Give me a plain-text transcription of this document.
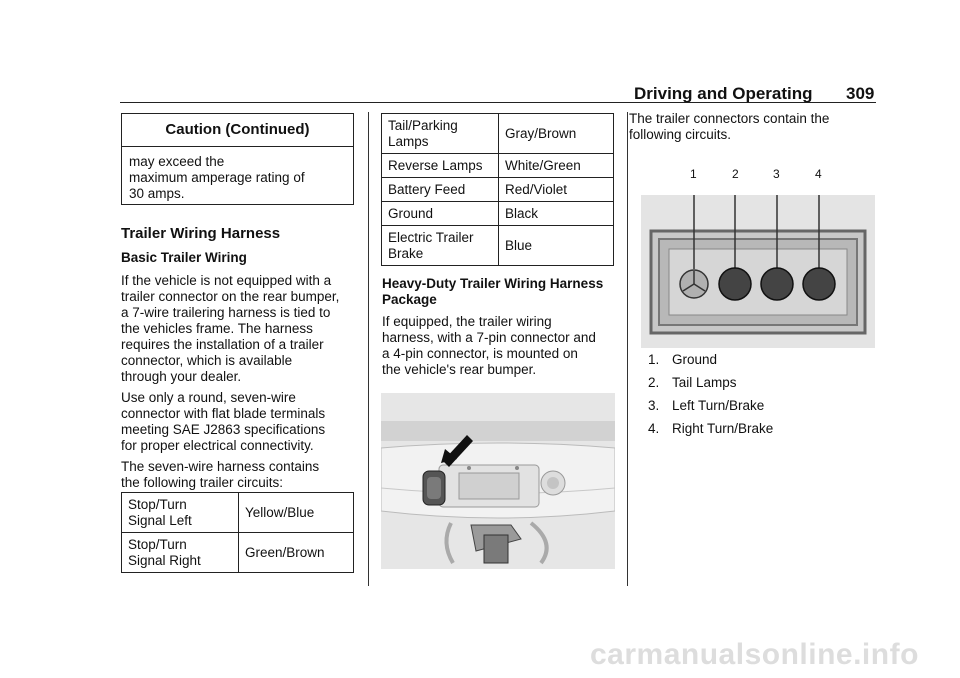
Driving and Operating 309
Caution (Continued)
may exceed the
maximum amperage rating of
30 amps.
Trailer Wiring Harness
Basic Trailer Wiring
If the vehicle is not equipped with a
trailer connector on the rear bumper,
a 7-wire trailering harness is tied to
the vehicles frame. The harness
requires the installation of a trailer
connector, which is available
through your dealer.
Use only a round, seven-wire
connector with flat blade terminals
meeting SAE J2863 specifications
for proper electrical connectivity.
The seven-wire harness contains
the following trailer circuits:
Stop/Turn
Signal Left	Yellow/Blue

Stop/Turn
Signal Right	Green/Brown
Tail/Parking
Lamps	Gray/Brown
Reverse Lamps	White/Green
Battery Feed	Red/Violet
Ground	Black

Electric Trailer
Brake	Blue
Heavy-Duty Trailer Wiring Harness
Package
If equipped, the trailer wiring
harness, with a 7-pin connector and
a 4-pin connector, is mounted on
the vehicle's rear bumper.
The trailer connectors contain the
following circuits.
1	2	3	4
1. Ground
2. Tail Lamps
3. Left Turn/Brake
4. Right Turn/Brake
carmanualsonline.info
